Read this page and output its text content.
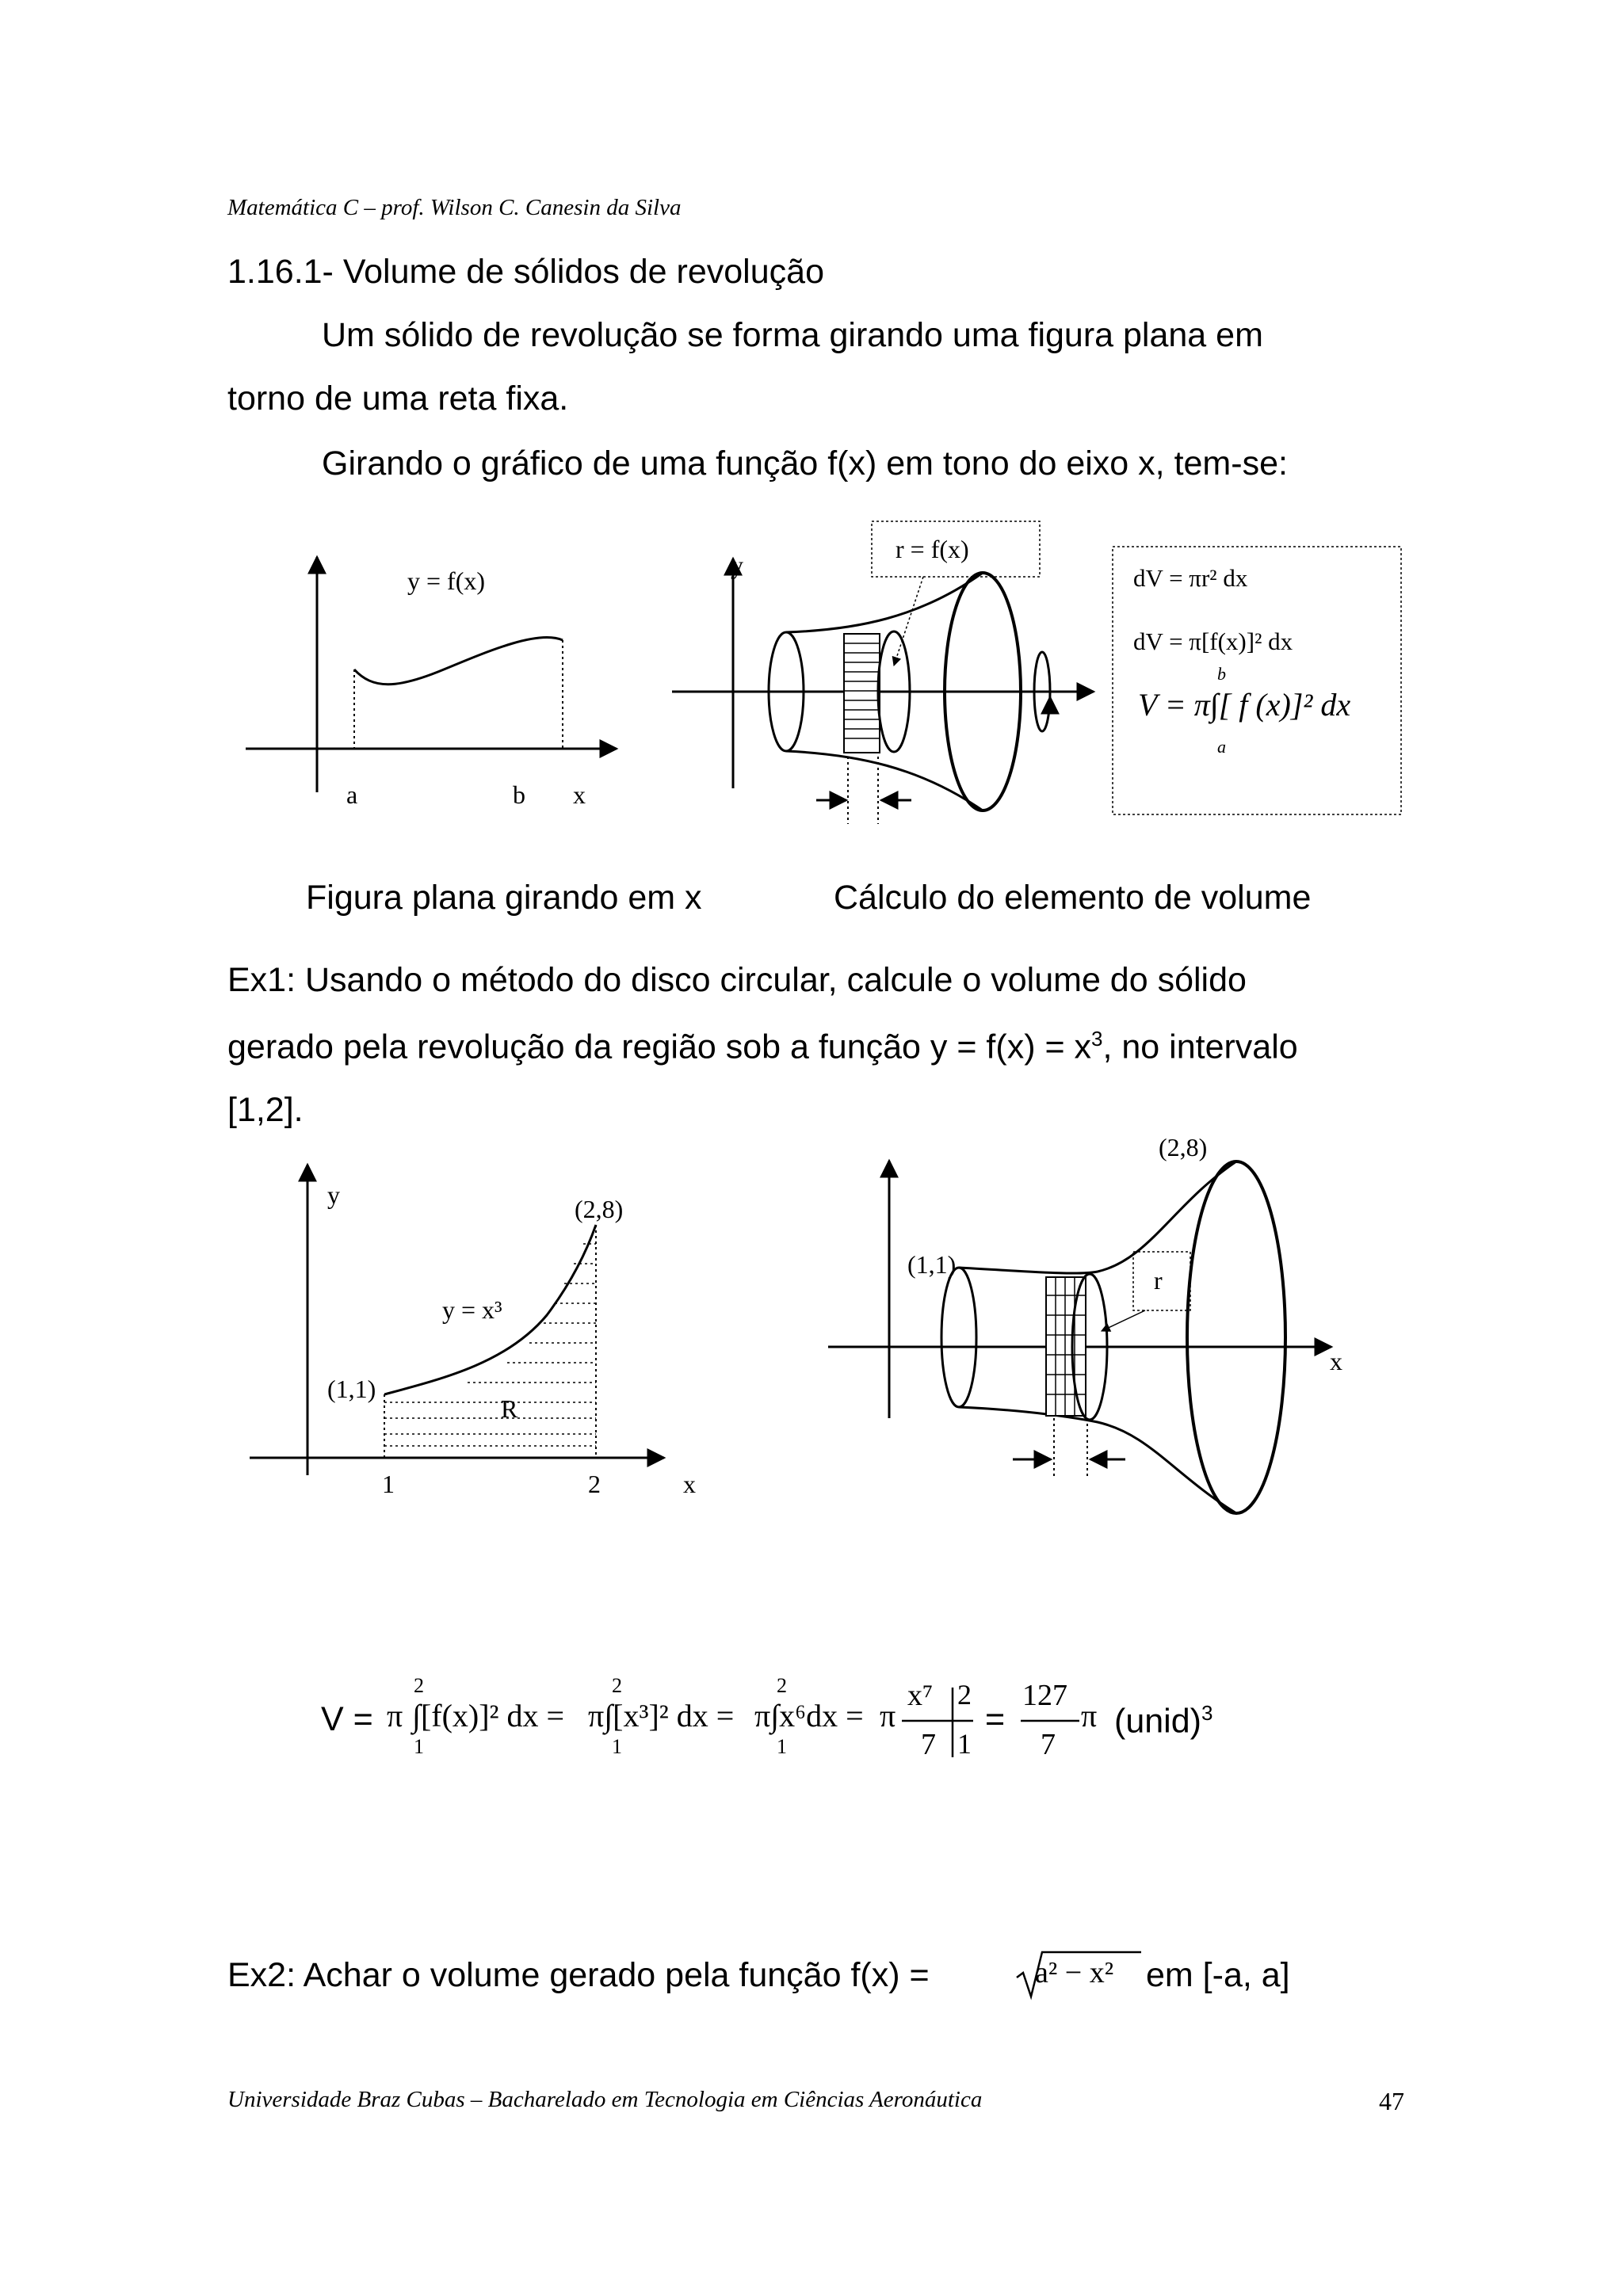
Matemática C – prof. Wilson C. Canesin da Silva
1.16.1- Volume de sólidos de revolução
Um sólido de revolução se forma girando uma figura plana em
torno de uma reta fixa.
Girando o gráfico de uma função f(x) em tono do eixo x, tem-se:
y = f(x)
a	b x
y
r = f(x)
dV = πr² dx
dV = π[f(x)]² dx
b
V = π∫[ f (x)]² dx
a
Figura plana girando em x	Cálculo do elemento de volume
Ex1: Usando o método do disco circular, calcule o volume do sólido
gerado pela revolução da região sob a função $y = f(x) = x^3$, no intervalo
[1,2].
y	(2,8)
y = x³
(1,1)
R
1	2	x
(2,8)
(1,1)
r
x
V = π
2
∫[f(x)]² dx =
1
2
π∫[x³]² dx =
1
2
π∫x⁶dx =
1
π
x⁷
7
2
1
=
127
7
π (unid)$^3$
Ex2: Achar o volume gerado pela função f(x) =	a² − x² em [-a, a]
Universidade Braz Cubas – Bacharelado em Tecnologia em Ciências Aeronáutica	47
